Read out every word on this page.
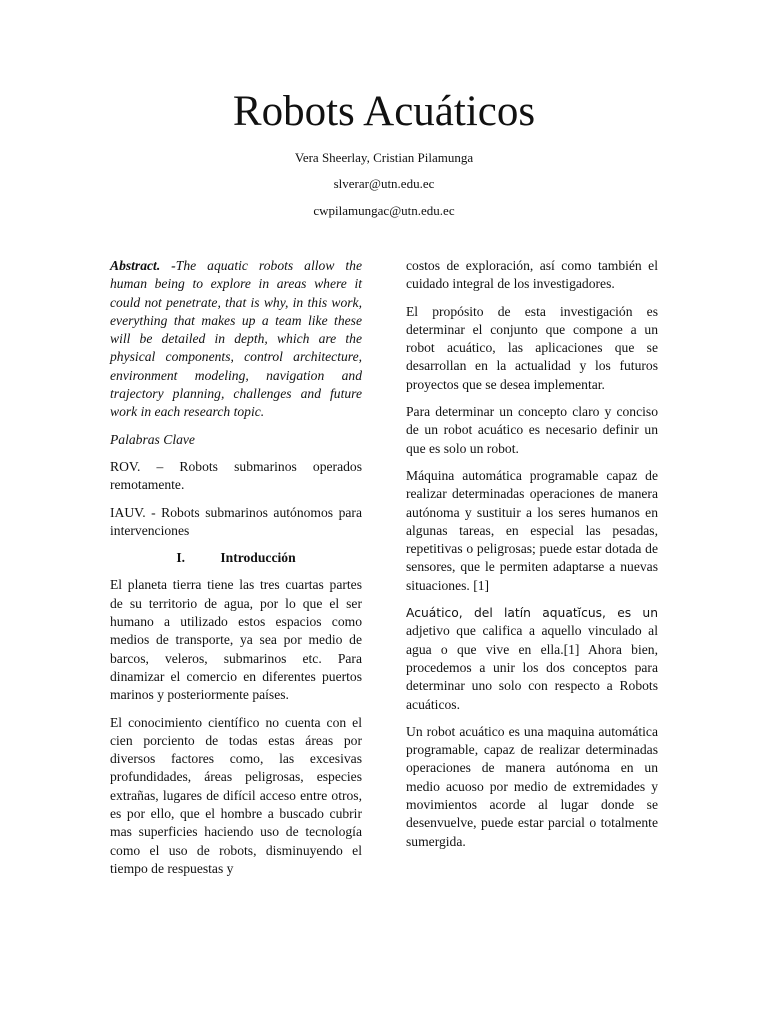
Robots Acuáticos

Vera Sheerlay, Cristian Pilamunga

slverar@utn.edu.ec

cwpilamungac@utn.edu.ec

Abstract. -The aquatic robots allow the human being to explore in areas where it could not penetrate, that is why, in this work, everything that makes up a team like these will be detailed in depth, which are the physical components, control architecture, environment modeling, navigation and trajectory planning, challenges and future work in each research topic.

Palabras Clave

ROV. – Robots submarinos operados remotamente.

IAUV. - Robots submarinos autónomos para intervenciones

I.	Introducción

El planeta tierra tiene las tres cuartas partes de su territorio de agua, por lo que el ser humano a utilizado estos espacios como medios de transporte, ya sea por medio de barcos, veleros, submarinos etc. Para dinamizar el comercio en diferentes puertos marinos y posteriormente países.

El conocimiento científico no cuenta con el cien porciento de todas estas áreas por diversos factores como, las excesivas profundidades, áreas peligrosas, especies extrañas, lugares de difícil acceso entre otros, es por ello, que el hombre a buscado cubrir mas superficies haciendo uso de tecnología como el uso de robots, disminuyendo el tiempo de respuestas y

costos de exploración, así como también el cuidado integral de los investigadores.

El propósito de esta investigación es determinar el conjunto que compone a un robot acuático, las aplicaciones que se desarrollan en la actualidad y los futuros proyectos que se desea implementar.

Para determinar un concepto claro y conciso de un robot acuático es necesario definir un que es solo un robot.

Máquina automática programable capaz de realizar determinadas operaciones de manera autónoma y sustituir a los seres humanos en algunas tareas, en especial las pesadas, repetitivas o peligrosas; puede estar dotada de sensores, que le permiten adaptarse a nuevas situaciones. [1]

Acuático, del latín aquatĭcus, es un adjetivo que califica a aquello vinculado al agua o que vive en ella.[1] Ahora bien, procedemos a unir los dos conceptos para determinar uno solo con respecto a Robots acuáticos.

Un robot acuático es una maquina automática programable, capaz de realizar determinadas operaciones de manera autónoma en un medio acuoso por medio de extremidades y movimientos acorde al lugar donde se desenvuelve, puede estar parcial o totalmente sumergida.
